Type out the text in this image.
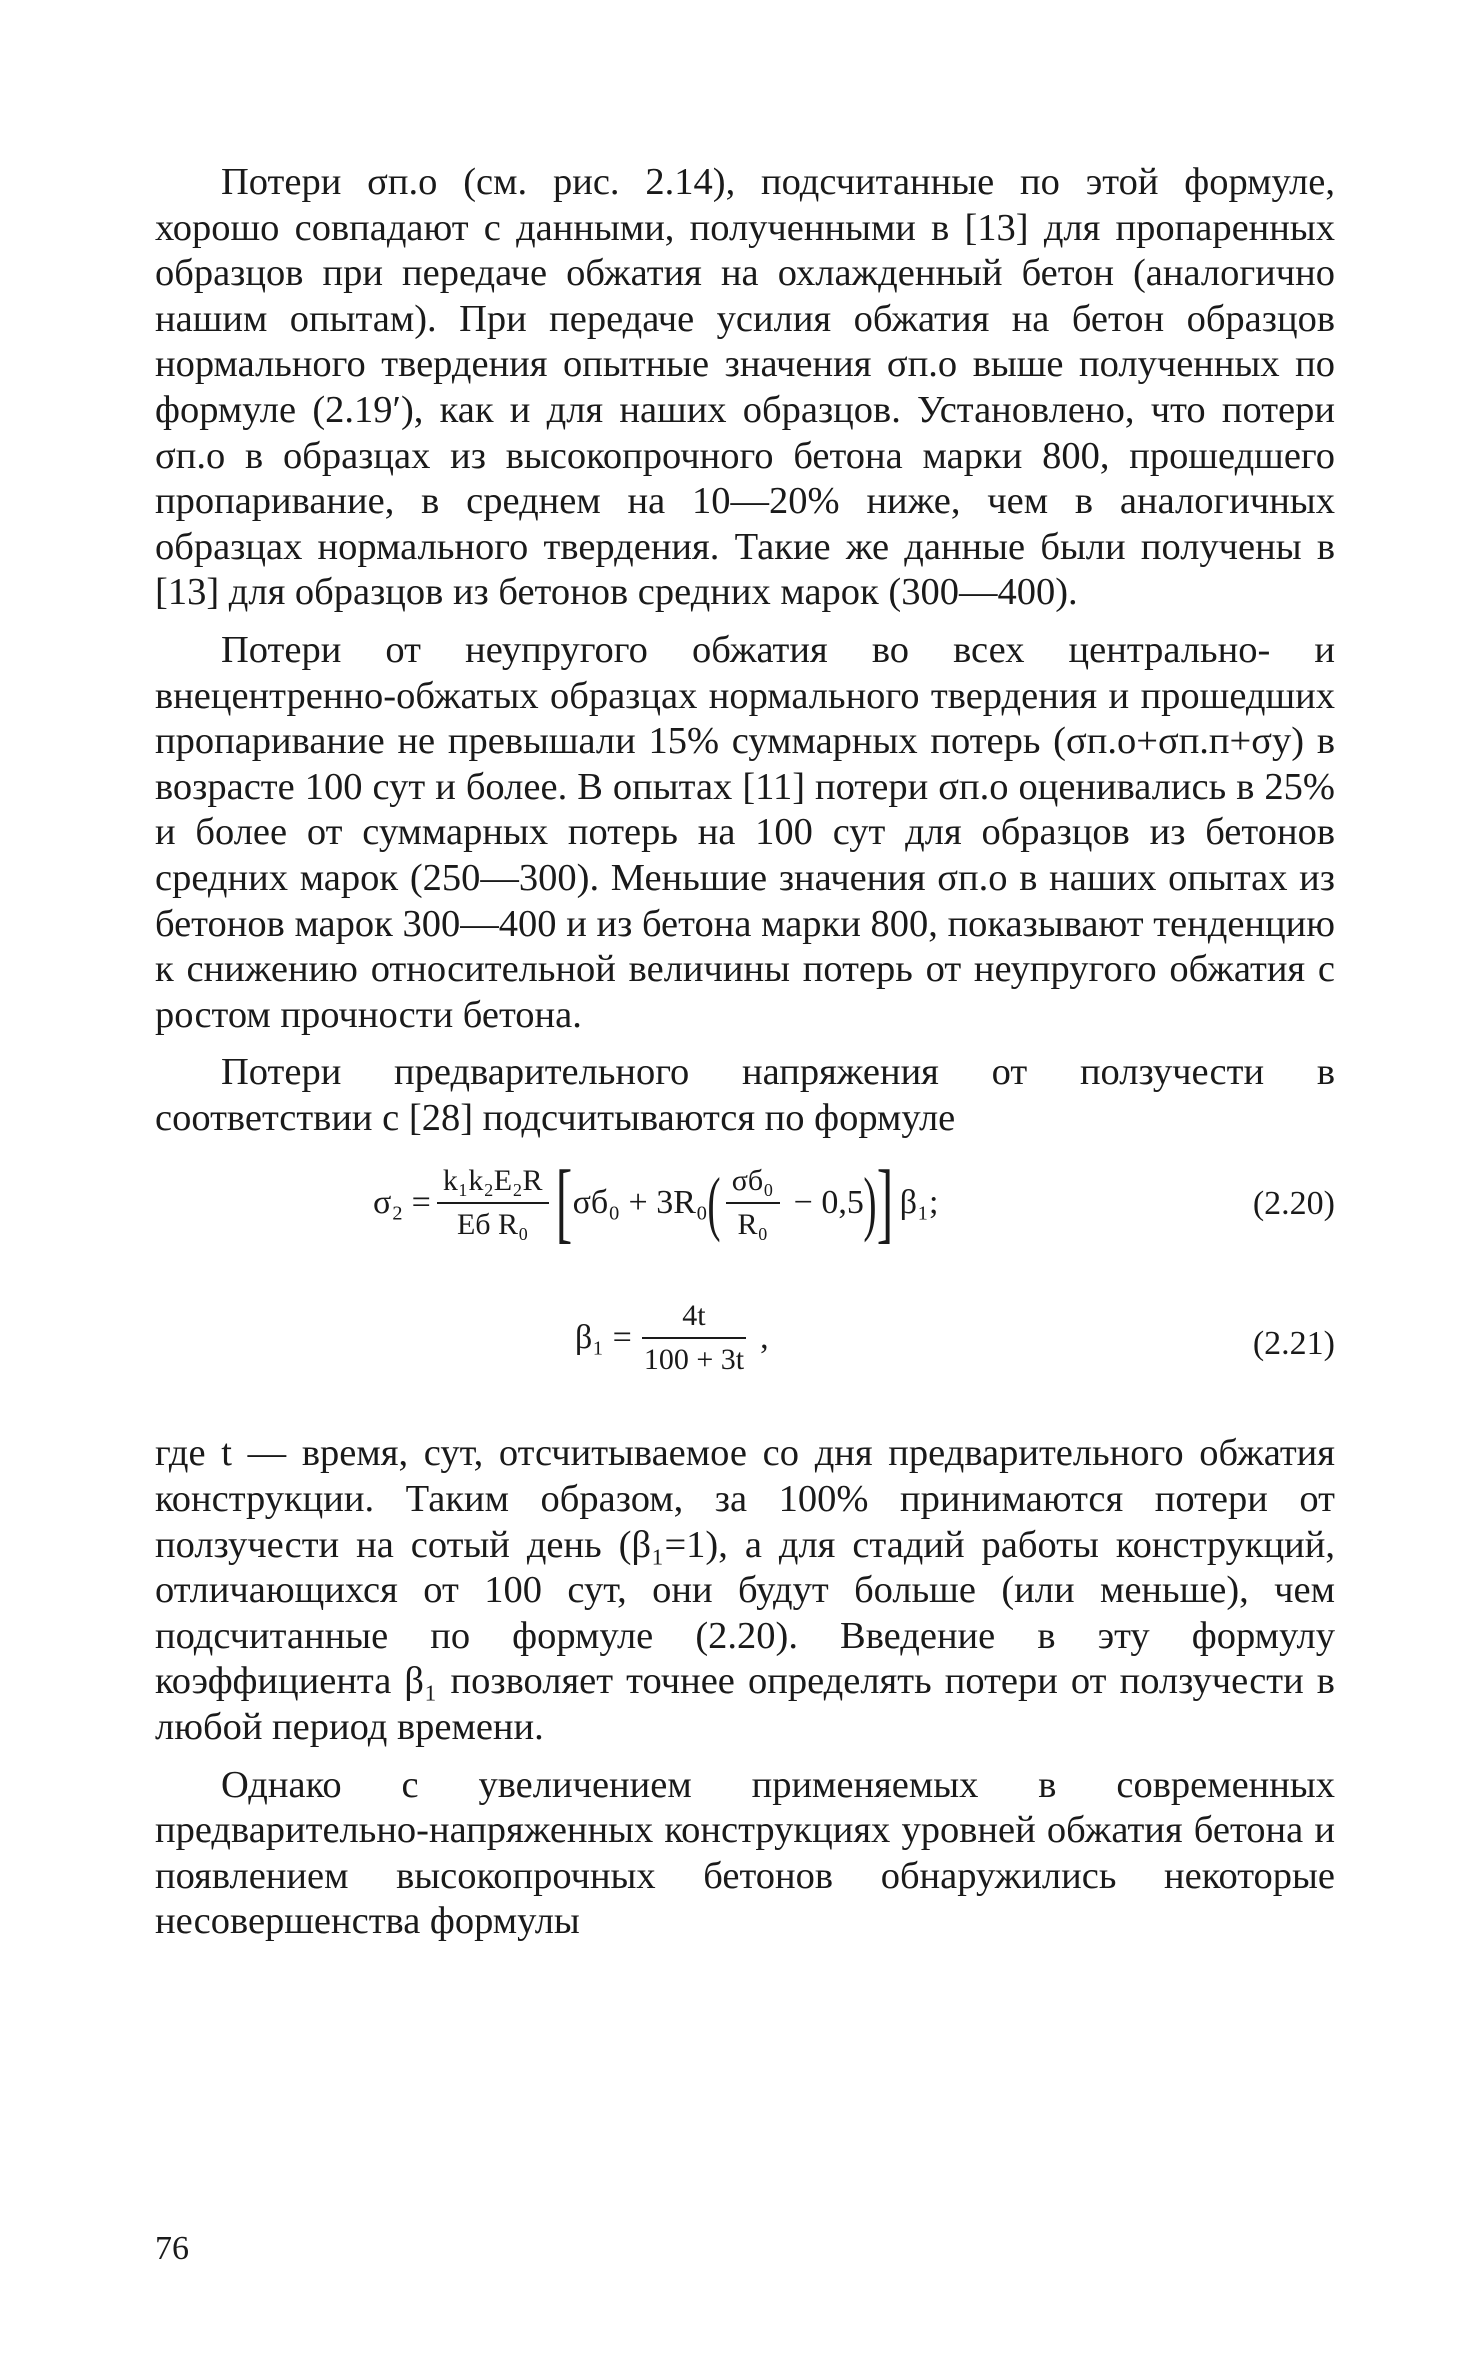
Потери σп.о (см. рис. 2.14), подсчитанные по этой формуле, хорошо совпадают с данными, полученными в [13] для пропаренных образцов при передаче обжатия на охлажденный бетон (аналогично нашим опытам). При передаче усилия обжатия на бетон образцов нормального твердения опытные значения σп.о выше полученных по формуле (2.19′), как и для наших образцов. Установлено, что потери σп.о в образцах из высокопрочного бетона марки 800, прошедшего пропаривание, в среднем на 10—20% ниже, чем в аналогичных образцах нормального твердения. Такие же данные были получены в [13] для образцов из бетонов средних марок (300—400).

Потери от неупругого обжатия во всех центрально- и внецентренно-обжатых образцах нормального твердения и прошедших пропаривание не превышали 15% суммарных потерь (σп.о+σп.п+σу) в возрасте 100 сут и более. В опытах [11] потери σп.о оценивались в 25% и более от суммарных потерь на 100 сут для образцов из бетонов средних марок (250—300). Меньшие значения σп.о в наших опытах из бетонов марок 300—400 и из бетона марки 800, показывают тенденцию к снижению относительной величины потерь от неупругого обжатия с ростом прочности бетона.

Потери предварительного напряжения от ползучести в соответствии с [28] подсчитываются по формуле

$\sigma_2 = \frac{\text{k₁k₂E₂R}}{\text{Eб R₀}}$ [ σб₀ + 3R₀ ( $\frac{\text{σб₀}}{\text{R₀}} - 0,5$ ) ] β₁;	(2.20)
$\beta_1 = \frac{4t}{100 + 3t}$ ,	(2.21)

где t — время, сут, отсчитываемое со дня предварительного обжатия конструкции. Таким образом, за 100% принимаются потери от ползучести на сотый день (β₁=1), а для стадий работы конструкций, отличающихся от 100 сут, они будут больше (или меньше), чем подсчитанные по формуле (2.20). Введение в эту формулу коэффициента β₁ позволяет точнее определять потери от ползучести в любой период времени.

Однако с увеличением применяемых в современных предварительно-напряженных конструкциях уровней обжатия бетона и появлением высокопрочных бетонов обнаружились некоторые несовершенства формулы

76
